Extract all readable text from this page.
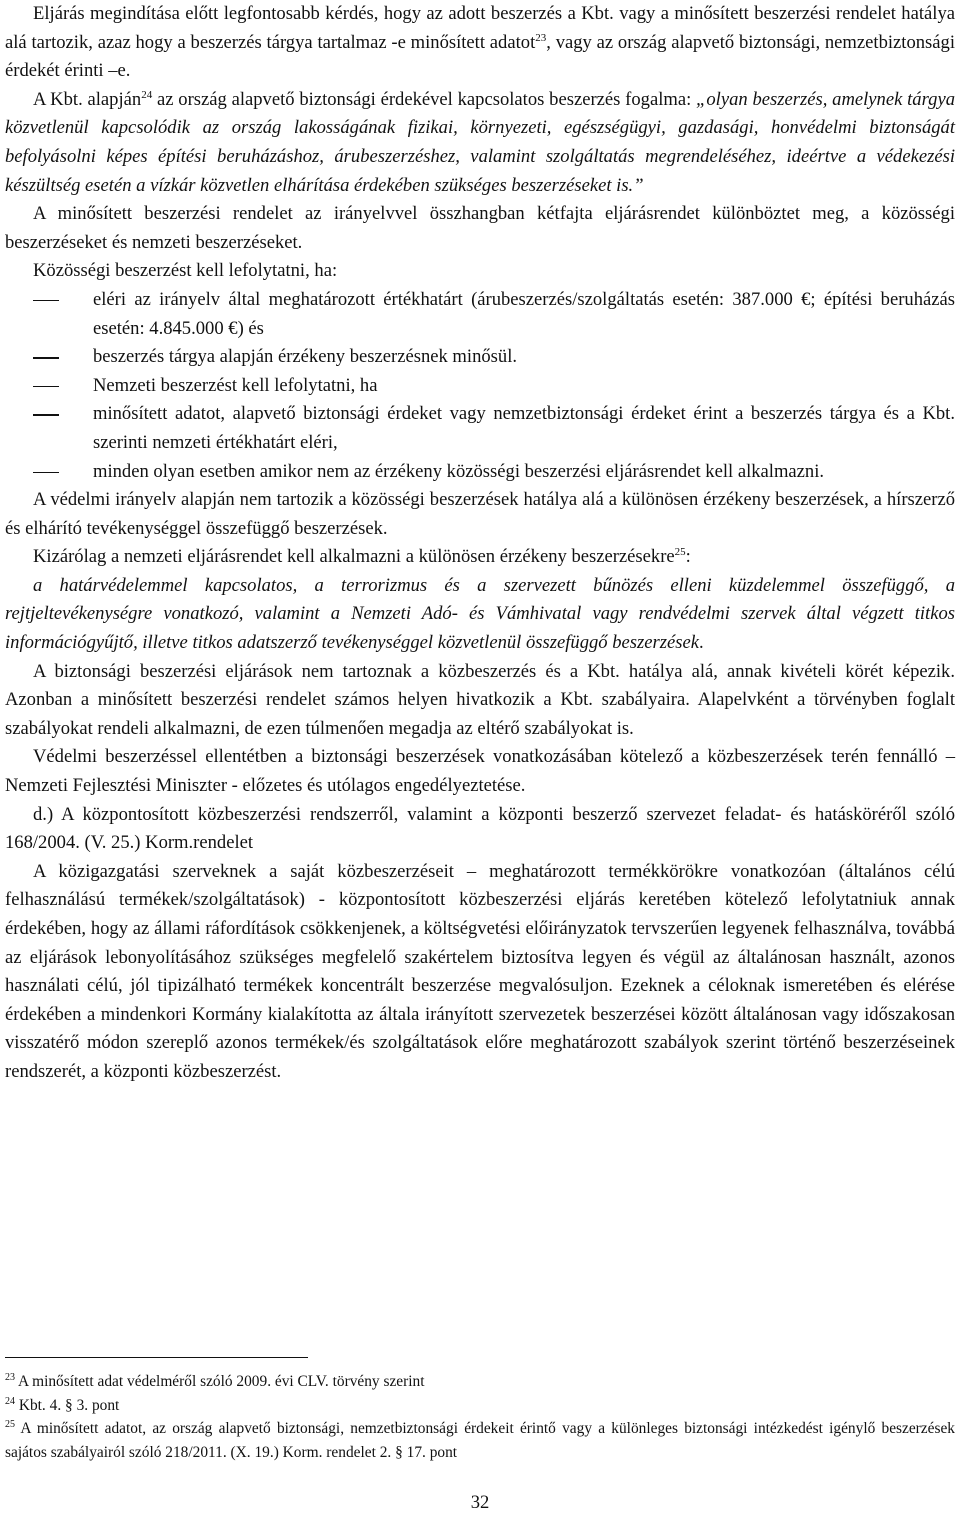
Eljárás megindítása előtt legfontosabb kérdés, hogy az adott beszerzés a Kbt. vagy a minősített beszerzési rendelet hatálya alá tartozik, azaz hogy a beszerzés tárgya tartalmaz -e minősített adatot$^{23}$, vagy az ország alapvető biztonsági, nemzetbiztonsági érdekét érinti –e.

A Kbt. alapján$^{24}$ az ország alapvető biztonsági érdekével kapcsolatos beszerzés fogalma: „olyan beszerzés, amelynek tárgya közvetlenül kapcsolódik az ország lakosságának fizikai, környezeti, egészségügyi, gazdasági, honvédelmi biztonságát befolyásolni képes építési beruházáshoz, árubeszerzéshez, valamint szolgáltatás megrendeléséhez, ideértve a védekezési készültség esetén a vízkár közvetlen elhárítása érdekében szükséges beszerzéseket is.”

A minősített beszerzési rendelet az irányelvvel összhangban kétfajta eljárásrendet különböztet meg, a közösségi beszerzéseket és nemzeti beszerzéseket.

Közösségi beszerzést kell lefolytatni, ha:

eléri az irányelv által meghatározott értékhatárt (árubeszerzés/szolgáltatás esetén: 387.000 €; építési beruházás esetén: 4.845.000 €) és

beszerzés tárgya alapján érzékeny beszerzésnek minősül.

Nemzeti beszerzést kell lefolytatni, ha

minősített adatot, alapvető biztonsági érdeket vagy nemzetbiztonsági érdeket érint a beszerzés tárgya és a Kbt. szerinti nemzeti értékhatárt eléri,

minden olyan esetben amikor nem az érzékeny közösségi beszerzési eljárásrendet kell alkalmazni.

A védelmi irányelv alapján nem tartozik a közösségi beszerzések hatálya alá a különösen érzékeny beszerzések, a hírszerző és elhárító tevékenységgel összefüggő beszerzések.

Kizárólag a nemzeti eljárásrendet kell alkalmazni a különösen érzékeny beszerzésekre$^{25}$:

a határvédelemmel kapcsolatos, a terrorizmus és a szervezett bűnözés elleni küzdelemmel összefüggő, a rejtjeltevékenységre vonatkozó, valamint a Nemzeti Adó- és Vámhivatal vagy rendvédelmi szervek által végzett titkos információgyűjtő, illetve titkos adatszerző tevékenységgel közvetlenül összefüggő beszerzések.

A biztonsági beszerzési eljárások nem tartoznak a közbeszerzés és a Kbt. hatálya alá, annak kivételi körét képezik. Azonban a minősített beszerzési rendelet számos helyen hivatkozik a Kbt. szabályaira. Alapelvként a törvényben foglalt szabályokat rendeli alkalmazni, de ezen túlmenően megadja az eltérő szabályokat is.

Védelmi beszerzéssel ellentétben a biztonsági beszerzések vonatkozásában kötelező a közbeszerzések terén fennálló – Nemzeti Fejlesztési Miniszter - előzetes és utólagos engedélyeztetése.

d.) A központosított közbeszerzési rendszerről, valamint a központi beszerző szervezet feladat- és hatásköréről szóló 168/2004. (V. 25.) Korm.rendelet

A közigazgatási szerveknek a saját közbeszerzéseit – meghatározott termékkörökre vonatkozóan (általános célú felhasználású termékek/szolgáltatások) - központosított közbeszerzési eljárás keretében kötelező lefolytatniuk annak érdekében, hogy az állami ráfordítások csökkenjenek, a költségvetési előirányzatok tervszerűen legyenek felhasználva, továbbá az eljárások lebonyolításához szükséges megfelelő szakértelem biztosítva legyen és végül az általánosan használt, azonos használati célú, jól tipizálható termékek koncentrált beszerzése megvalósuljon. Ezeknek a céloknak ismeretében és elérése érdekében a mindenkori Kormány kialakította az általa irányított szervezetek beszerzései között általánosan vagy időszakosan visszatérő módon szereplő azonos termékek/és szolgáltatások előre meghatározott szabályok szerint történő beszerzéseinek rendszerét, a központi közbeszerzést.

$^{23}$ A minősített adat védelméről szóló 2009. évi CLV. törvény szerint
$^{24}$ Kbt. 4. § 3. pont
$^{25}$ A minősített adatot, az ország alapvető biztonsági, nemzetbiztonsági érdekeit érintő vagy a különleges biztonsági intézkedést igénylő beszerzések sajátos szabályairól szóló 218/2011. (X. 19.) Korm. rendelet 2. § 17. pont
32
